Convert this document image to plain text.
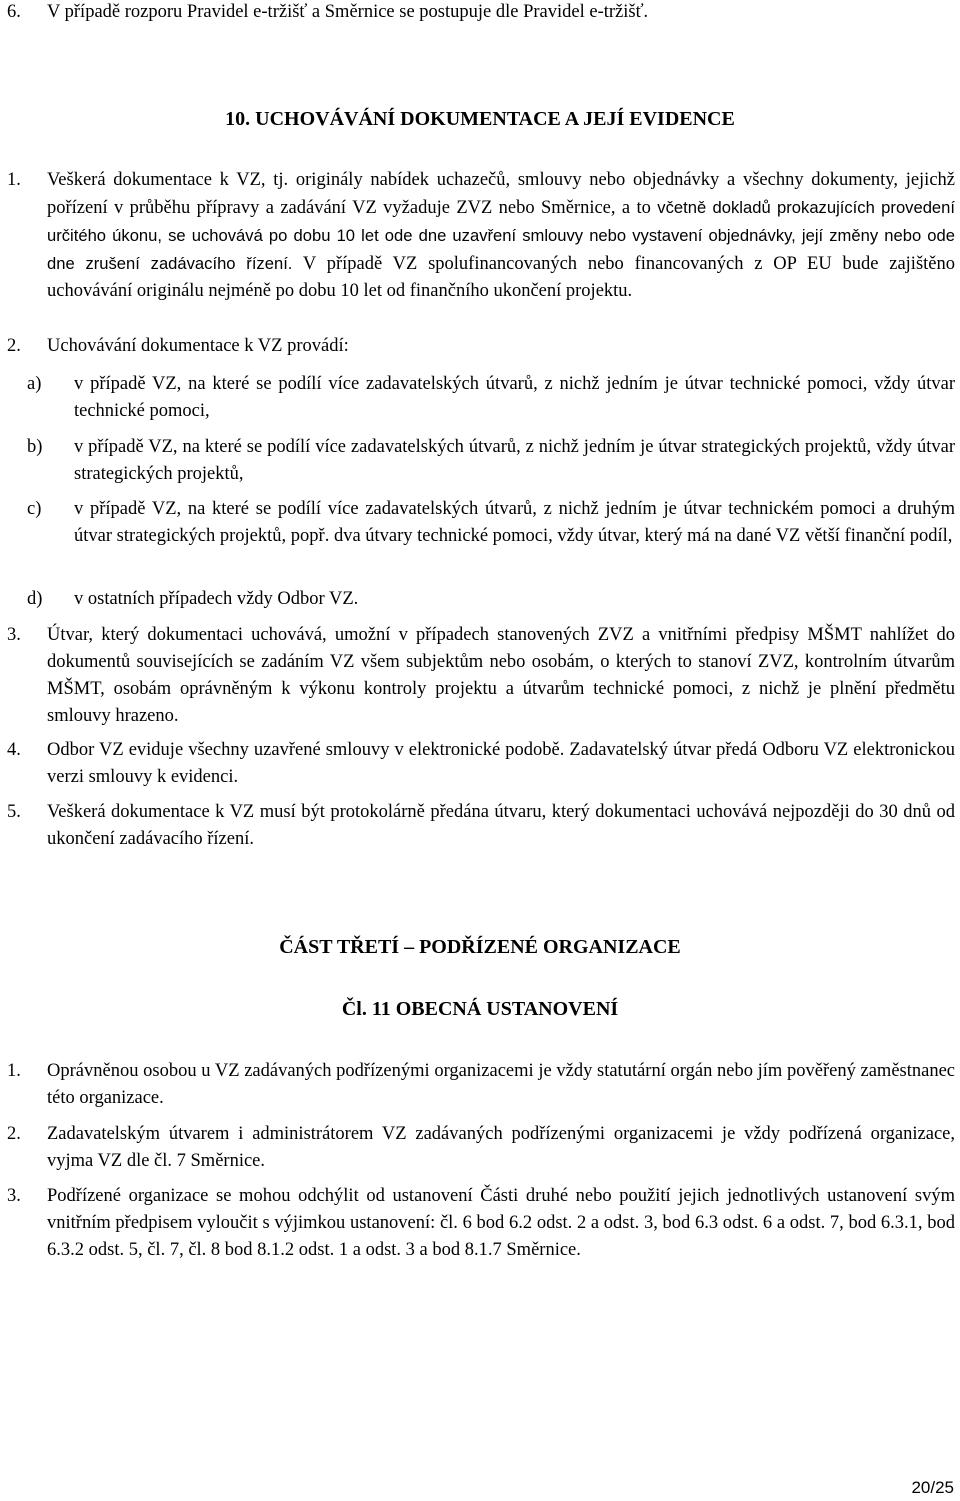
6. V případě rozporu Pravidel e-tržišť a Směrnice se postupuje dle Pravidel e-tržišť.
10. UCHOVÁVÁNÍ DOKUMENTACE A JEJÍ EVIDENCE
1. Veškerá dokumentace k VZ, tj. originály nabídek uchazečů, smlouvy nebo objednávky a všechny dokumenty, jejichž pořízení v průběhu přípravy a zadávání VZ vyžaduje ZVZ nebo Směrnice, a to včetně dokladů prokazujících provedení určitého úkonu, se uchovává po dobu 10 let ode dne uzavření smlouvy nebo vystavení objednávky, její změny nebo ode dne zrušení zadávacího řízení. V případě VZ spolufinancovaných nebo financovaných z OP EU bude zajištěno uchovávání originálu nejméně po dobu 10 let od finančního ukončení projektu.
2. Uchovávání dokumentace k VZ provádí:
a) v případě VZ, na které se podílí více zadavatelských útvarů, z nichž jedním je útvar technické pomoci, vždy útvar technické pomoci,
b) v případě VZ, na které se podílí více zadavatelských útvarů, z nichž jedním je útvar strategických projektů, vždy útvar strategických projektů,
c) v případě VZ, na které se podílí více zadavatelských útvarů, z nichž jedním je útvar technickém pomoci a druhým útvar strategických projektů, popř. dva útvary technické pomoci, vždy útvar, který má na dané VZ větší finanční podíl,
d) v ostatních případech vždy Odbor VZ.
3. Útvar, který dokumentaci uchovává, umožní v případech stanovených ZVZ a vnitřními předpisy MŠMT nahlížet do dokumentů souvisejících se zadáním VZ všem subjektům nebo osobám, o kterých to stanoví ZVZ, kontrolním útvarům MŠMT, osobám oprávněným k výkonu kontroly projektu a útvarům technické pomoci, z nichž je plnění předmětu smlouvy hrazeno.
4. Odbor VZ eviduje všechny uzavřené smlouvy v elektronické podobě. Zadavatelský útvar předá Odboru VZ elektronickou verzi smlouvy k evidenci.
5. Veškerá dokumentace k VZ musí být protokolárně předána útvaru, který dokumentaci uchovává nejpozději do 30 dnů od ukončení zadávacího řízení.
ČÁST TŘETÍ – PODŘÍZENÉ ORGANIZACE
Čl. 11 OBECNÁ USTANOVENÍ
1. Oprávněnou osobou u VZ zadávaných podřízenými organizacemi je vždy statutární orgán nebo jím pověřený zaměstnanec této organizace.
2. Zadavatelským útvarem i administrátorem VZ zadávaných podřízenými organizacemi je vždy podřízená organizace, vyjma VZ dle čl. 7 Směrnice.
3. Podřízené organizace se mohou odchýlit od ustanovení Části druhé nebo použití jejich jednotlivých ustanovení svým vnitřním předpisem vyloučit s výjimkou ustanovení: čl. 6 bod 6.2 odst. 2 a odst. 3, bod 6.3 odst. 6 a odst. 7, bod 6.3.1, bod 6.3.2 odst. 5, čl. 7, čl. 8 bod 8.1.2 odst. 1 a odst. 3 a bod 8.1.7 Směrnice.
20/25
